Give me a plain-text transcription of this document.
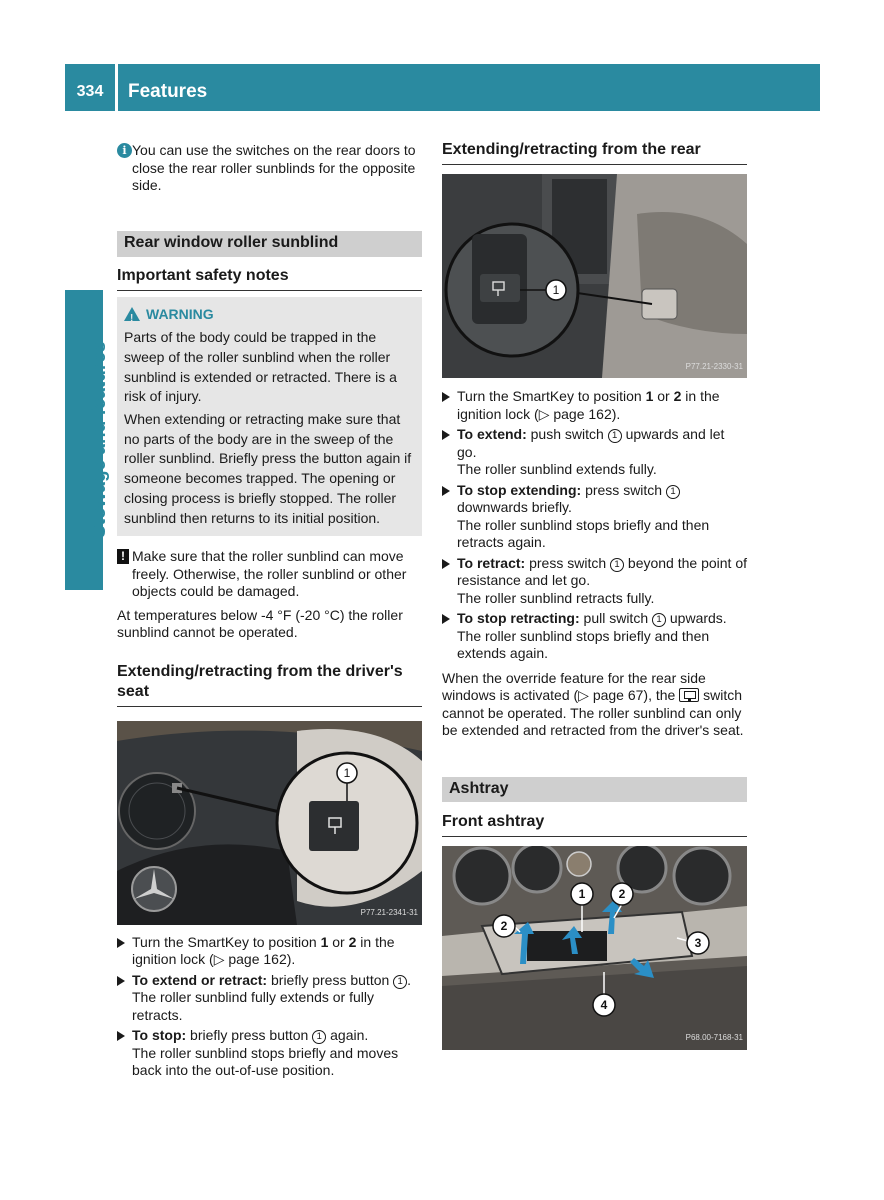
334	Features
Stowage and features
i You can use the switches on the rear doors to close the rear roller sunblinds for the opposite side.

Rear window roller sunblind
Important safety notes
!
WARNING

Parts of the body could be trapped in the sweep of the roller sunblind when the roller sunblind is extended or retracted. There is a risk of injury.

When extending or retracting make sure that no parts of the body are in the sweep of the roller sunblind. Briefly press the button again if someone becomes trapped. The opening or closing process is briefly stopped. The roller sunblind then returns to its initial position.

! Make sure that the roller sunblind can move freely. Otherwise, the roller sunblind or other objects could be damaged.

At temperatures below -4 °F (-20 °C) the roller sunblind cannot be operated.

Extending/retracting from the driver's seat
1
P77.21-2341-31
Turn the SmartKey to position 1 or 2 in the ignition lock (▷ page 162).
To extend or retract: briefly press button 1 .

The roller sunblind fully extends or fully retracts.

To stop: briefly press button 1 again.

The roller sunblind stops briefly and moves back into the out-of-use position.

Extending/retracting from the rear
1
P77.21-2330-31
Turn the SmartKey to position 1 or 2 in the ignition lock (▷ page 162).
To extend: push switch 1 upwards and let go.

The roller sunblind extends fully.

To stop extending: press switch 1 downwards briefly.

The roller sunblind stops briefly and then retracts again.

To retract: press switch 1 beyond the point of resistance and let go.

The roller sunblind retracts fully.

To stop retracting: pull switch 1 upwards.

The roller sunblind stops briefly and then extends again.

When the override feature for the rear side windows is activated (▷ page 67), the  switch cannot be operated. The roller sunblind can only be extended and retracted from the driver's seat.

Ashtray
Front ashtray
1	2
2
3
4
P68.00-7168-31
